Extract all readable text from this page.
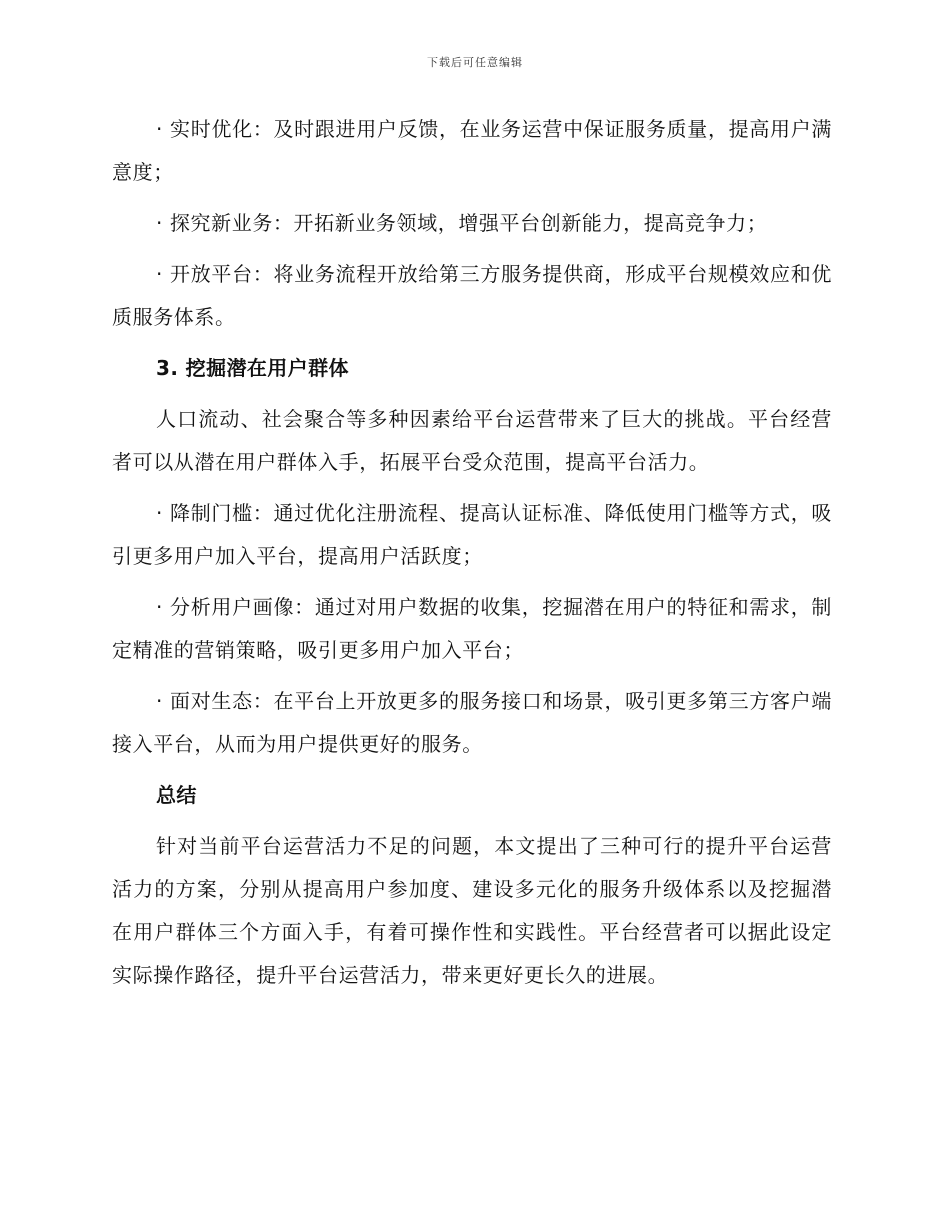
下载后可任意编辑

· 实时优化：及时跟进用户反馈，在业务运营中保证服务质量，提高用户满意度；

· 探究新业务：开拓新业务领域，增强平台创新能力，提高竞争力；

· 开放平台：将业务流程开放给第三方服务提供商，形成平台规模效应和优质服务体系。

3. 挖掘潜在用户群体

人口流动、社会聚合等多种因素给平台运营带来了巨大的挑战。平台经营者可以从潜在用户群体入手，拓展平台受众范围，提高平台活力。

· 降制门槛：通过优化注册流程、提高认证标准、降低使用门槛等方式，吸引更多用户加入平台，提高用户活跃度；

· 分析用户画像：通过对用户数据的收集，挖掘潜在用户的特征和需求，制定精准的营销策略，吸引更多用户加入平台；

· 面对生态：在平台上开放更多的服务接口和场景，吸引更多第三方客户端接入平台，从而为用户提供更好的服务。

总结

针对当前平台运营活力不足的问题，本文提出了三种可行的提升平台运营活力的方案，分别从提高用户参加度、建设多元化的服务升级体系以及挖掘潜在用户群体三个方面入手，有着可操作性和实践性。平台经营者可以据此设定实际操作路径，提升平台运营活力，带来更好更长久的进展。
